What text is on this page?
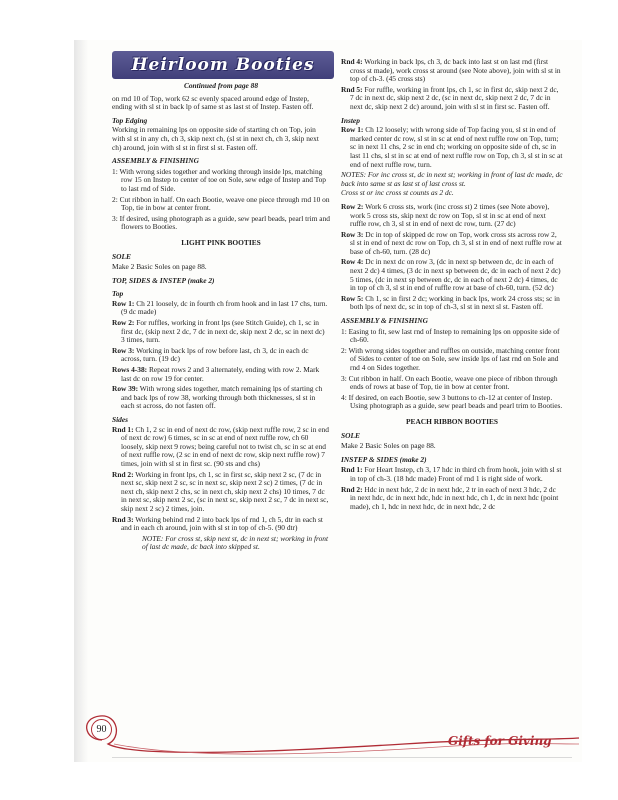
Heirloom Booties

Continued from page 88

on rnd 10 of Top, work 62 sc evenly spaced around edge of Instep, ending with sl st in back lp of same st as last st of Instep. Fasten off.

Top Edging

Working in remaining lps on opposite side of starting ch on Top, join with sl st in any ch, ch 3, skip next ch, (sl st in next ch, ch 3, skip next ch) around, join with sl st in first sl st. Fasten off.

ASSEMBLY & FINISHING

1: With wrong sides together and working through inside lps, matching row 15 on Instep to center of toe on Sole, sew edge of Instep and Top to last rnd of Side.

2: Cut ribbon in half. On each Bootie, weave one piece through rnd 10 on Top, tie in bow at center front.

3: If desired, using photograph as a guide, sew pearl beads, pearl trim and flowers to Booties.

LIGHT PINK BOOTIES
SOLE

Make 2 Basic Soles on page 88.

TOP, SIDES & INSTEP (make 2)
Top

Row 1: Ch 21 loosely, dc in fourth ch from hook and in last 17 chs, turn. (9 dc made)

Row 2: For ruffles, working in front lps (see Stitch Guide), ch 1, sc in first dc, (skip next 2 dc, 7 dc in next dc, skip next 2 dc, sc in next dc) 3 times, turn.

Row 3: Working in back lps of row before last, ch 3, dc in each dc across, turn. (19 dc)

Rows 4-38: Repeat rows 2 and 3 alternately, ending with row 2. Mark last dc on row 19 for center.

Row 39: With wrong sides together, match remaining lps of starting ch and back lps of row 38, working through both thicknesses, sl st in each st across, do not fasten off.

Sides

Rnd 1: Ch 1, 2 sc in end of next dc row, (skip next ruffle row, 2 sc in end of next dc row) 6 times, sc in sc at end of next ruffle row, ch 60 loosely, skip next 9 rows; being careful not to twist ch, sc in sc at end of next ruffle row, (2 sc in end of next dc row, skip next ruffle row) 7 times, join with sl st in first sc. (90 sts and chs)

Rnd 2: Working in front lps, ch 1, sc in first sc, skip next 2 sc, (7 dc in next sc, skip next 2 sc, sc in next sc, skip next 2 sc) 2 times, (7 dc in next ch, skip next 2 chs, sc in next ch, skip next 2 chs) 10 times, 7 dc in next sc, skip next 2 sc, (sc in next sc, skip next 2 sc, 7 dc in next sc, skip next 2 sc) 2 times, join.

Rnd 3: Working behind rnd 2 into back lps of rnd 1, ch 5, dtr in each st and in each ch around, join with sl st in top of ch-5. (90 dtr)

NOTE: For cross st, skip next st, dc in next st; working in front of last dc made, dc back into skipped st.

Rnd 4: Working in back lps, ch 3, dc back into last st on last rnd (first cross st made), work cross st around (see Note above), join with sl st in top of ch-3. (45 cross sts)

Rnd 5: For ruffle, working in front lps, ch 1, sc in first dc, skip next 2 dc, 7 dc in next dc, skip next 2 dc, (sc in next dc, skip next 2 dc, 7 dc in next dc, skip next 2 dc) around, join with sl st in first sc. Fasten off.

Instep

Row 1: Ch 12 loosely; with wrong side of Top facing you, sl st in end of marked center dc row, sl st in sc at end of next ruffle row on Top, turn; sc in next 11 chs, 2 sc in end ch; working on opposite side of ch, sc in last 11 chs, sl st in sc at end of next ruffle row on Top, ch 3, sl st in sc at end of next ruffle row, turn.

NOTES: For inc cross st, dc in next st; working in front of last dc made, dc back into same st as last st of last cross st.

Cross st or inc cross st counts as 2 dc.

Row 2: Work 6 cross sts, work (inc cross st) 2 times (see Note above), work 5 cross sts, skip next dc row on Top, sl st in sc at end of next ruffle row, ch 3, sl st in end of next dc row, turn. (27 dc)

Row 3: Dc in top of skipped dc row on Top, work cross sts across row 2, sl st in end of next dc row on Top, ch 3, sl st in end of next ruffle row at base of ch-60, turn. (28 dc)

Row 4: Dc in next dc on row 3, (dc in next sp between dc, dc in each of next 2 dc) 4 times, (3 dc in next sp between dc, dc in each of next 2 dc) 5 times, (dc in next sp between dc, dc in each of next 2 dc) 4 times, dc in top of ch 3, sl st in end of ruffle row at base of ch-60, turn. (52 dc)

Row 5: Ch 1, sc in first 2 dc; working in back lps, work 24 cross sts; sc in both lps of next dc, sc in top of ch-3, sl st in next sl st. Fasten off.

ASSEMBLY & FINISHING

1: Easing to fit, sew last rnd of Instep to remaining lps on opposite side of ch-60.

2: With wrong sides together and ruffles on outside, matching center front of Sides to center of toe on Sole, sew inside lps of last rnd on Sole and rnd 4 on Sides together.

3: Cut ribbon in half. On each Bootie, weave one piece of ribbon through ends of rows at base of Top, tie in bow at center front.

4: If desired, on each Bootie, sew 3 buttons to ch-12 at center of Instep. Using photograph as a guide, sew pearl beads and pearl trim to Booties.

PEACH RIBBON BOOTIES
SOLE

Make 2 Basic Soles on page 88.

INSTEP & SIDES (make 2)

Rnd 1: For Heart Instep, ch 3, 17 hdc in third ch from hook, join with sl st in top of ch-3. (18 hdc made) Front of rnd 1 is right side of work.

Rnd 2: Hdc in next hdc, 2 dc in next hdc, 2 tr in each of next 3 hdc, 2 dc in next hdc, dc in next hdc, hdc in next hdc, ch 1, dc in next hdc (point made), ch 1, hdc in next hdc, dc in next hdc, 2 dc

90
Gifts for Giving
